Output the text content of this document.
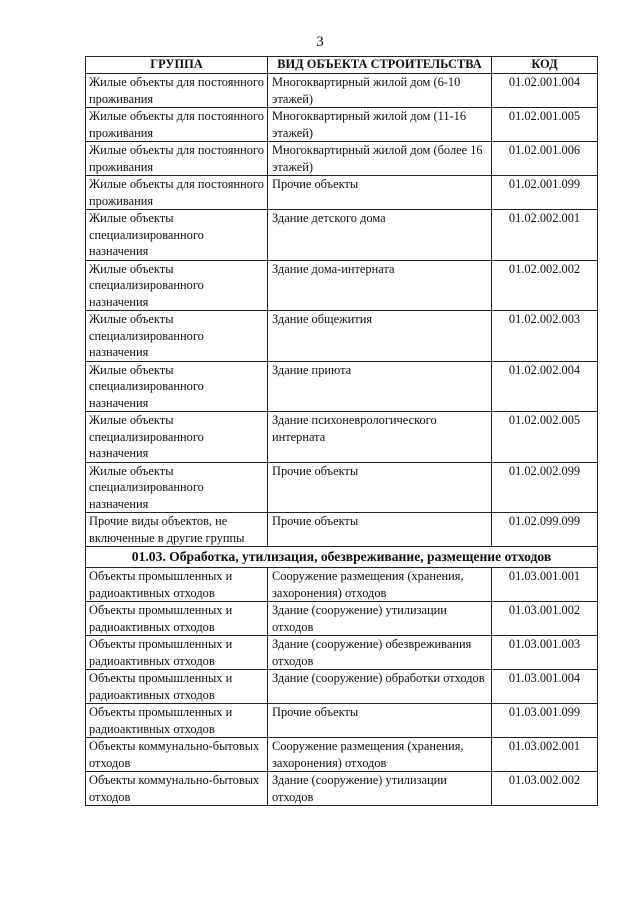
3
ГРУППА	ВИД ОБЪЕКТА СТРОИТЕЛЬСТВА	КОД
Жилые объекты для постоянного проживания	Многоквартирный жилой дом (6-10 этажей)	01.02.001.004
Жилые объекты для постоянного проживания	Многоквартирный жилой дом (11-16 этажей)	01.02.001.005
Жилые объекты для постоянного проживания	Многоквартирный жилой дом (более 16 этажей)	01.02.001.006
Жилые объекты для постоянного проживания	Прочие объекты	01.02.001.099
Жилые объекты специализированного назначения	Здание детского дома	01.02.002.001
Жилые объекты специализированного назначения	Здание дома-интерната	01.02.002.002
Жилые объекты специализированного назначения	Здание общежития	01.02.002.003
Жилые объекты специализированного назначения	Здание приюта	01.02.002.004
Жилые объекты специализированного назначения	Здание психоневрологического интерната	01.02.002.005
Жилые объекты специализированного назначения	Прочие объекты	01.02.002.099
Прочие виды объектов, не включенные в другие группы	Прочие объекты	01.02.099.099
01.03. Обработка, утилизация, обезвреживание, размещение отходов		
Объекты промышленных и радиоактивных отходов	Сооружение размещения (хранения, захоронения) отходов	01.03.001.001
Объекты промышленных и радиоактивных отходов	Здание (сооружение) утилизации отходов	01.03.001.002
Объекты промышленных и радиоактивных отходов	Здание (сооружение) обезвреживания отходов	01.03.001.003
Объекты промышленных и радиоактивных отходов	Здание (сооружение) обработки отходов	01.03.001.004
Объекты промышленных и радиоактивных отходов	Прочие объекты	01.03.001.099
Объекты коммунально-бытовых отходов	Сооружение размещения (хранения, захоронения) отходов	01.03.002.001
Объекты коммунально-бытовых отходов	Здание (сооружение) утилизации отходов	01.03.002.002
